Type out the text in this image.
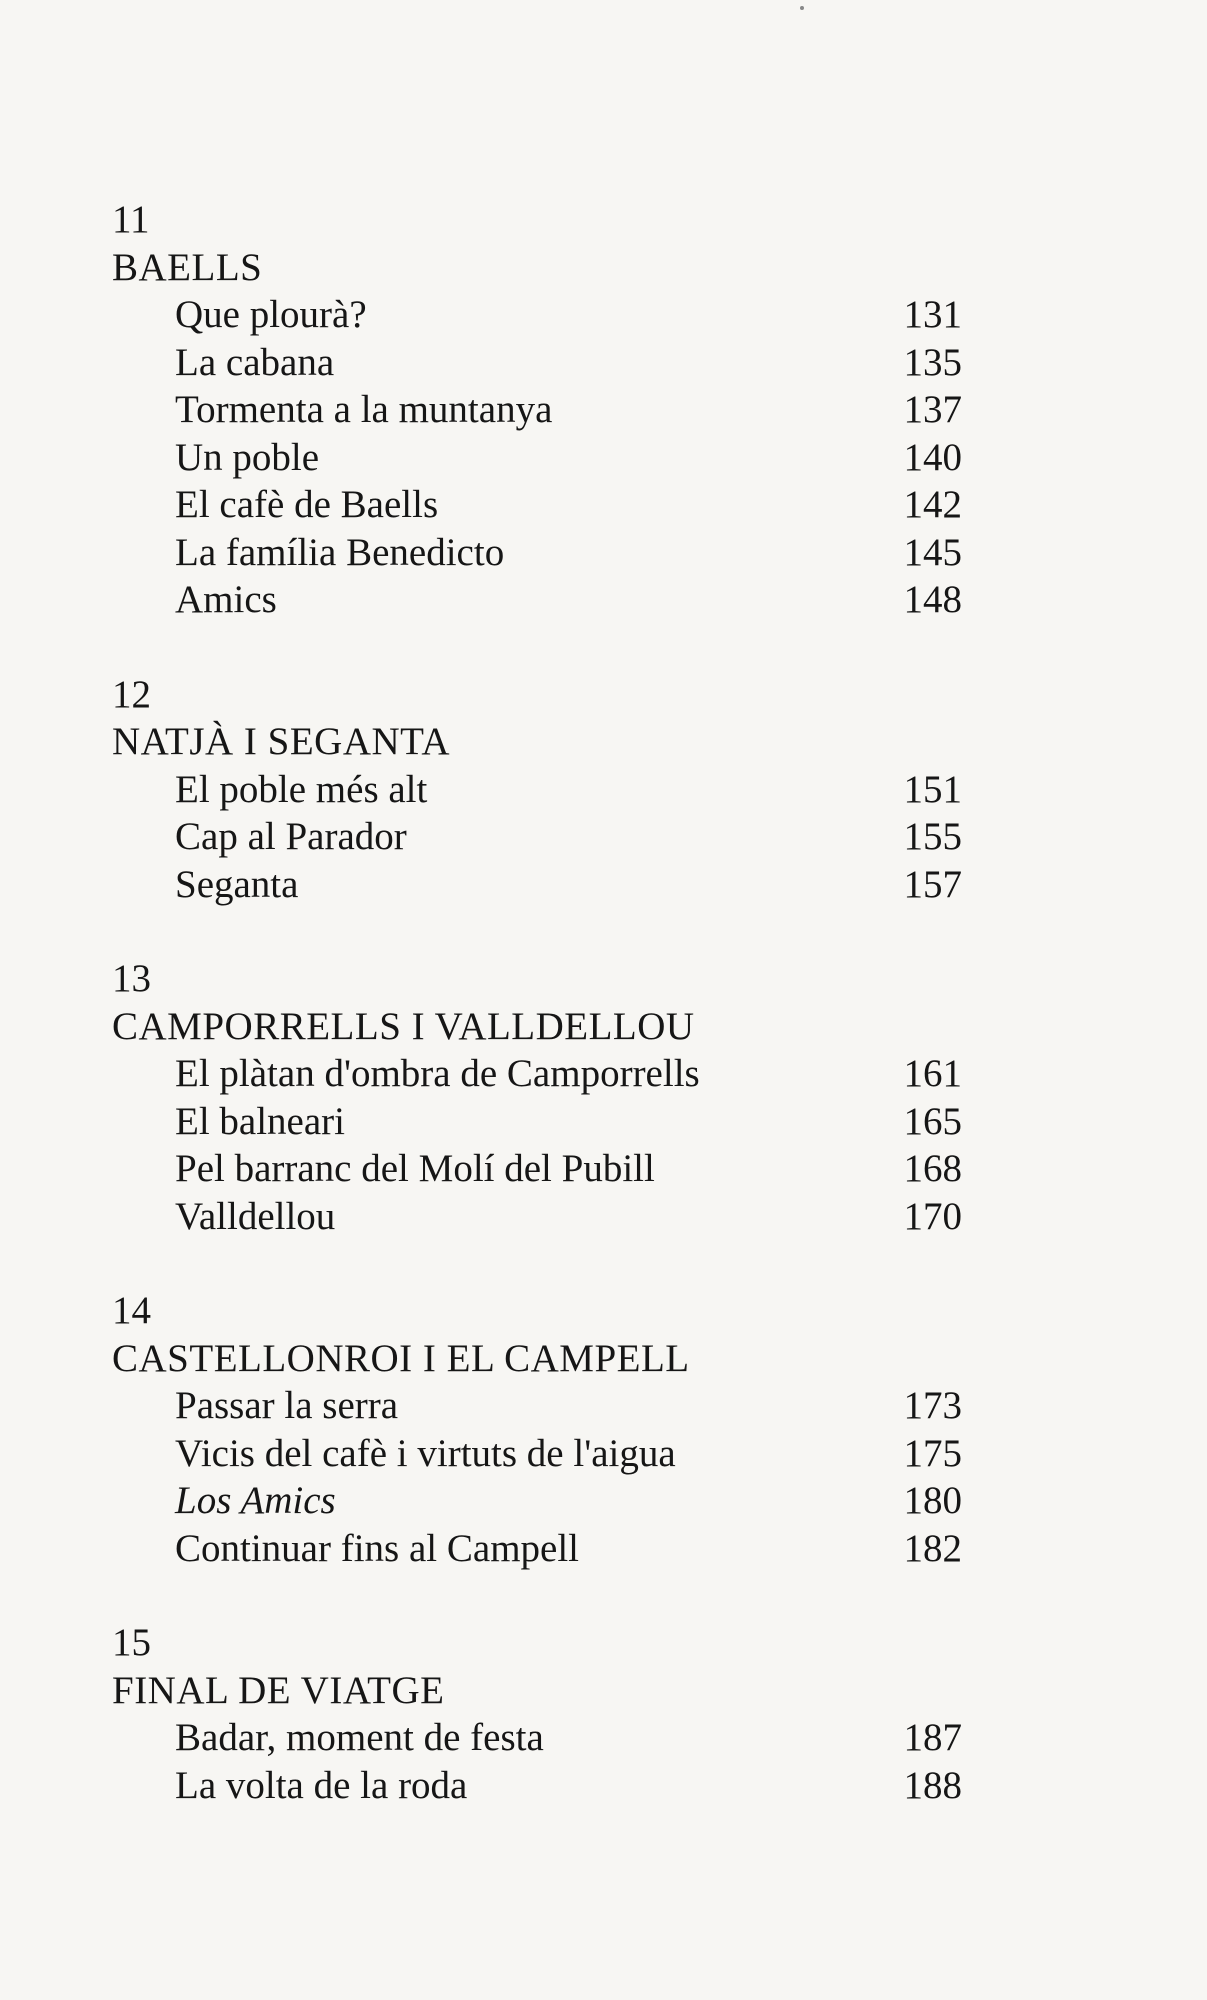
11
BAELLS
Que plourà?	131
La cabana	135
Tormenta a la muntanya	137
Un poble	140
El cafè de Baells	142
La família Benedicto	145
Amics	148
12
NATJÀ I SEGANTA
El poble més alt	151
Cap al Parador	155
Seganta	157
13
CAMPORRELLS I VALLDELLOU
El plàtan d'ombra de Camporrells	161
El balneari	165
Pel barranc del Molí del Pubill	168
Valldellou	170
14
CASTELLONROI I EL CAMPELL
Passar la serra	173
Vicis del cafè i virtuts de l'aigua	175
Los Amics	180
Continuar fins al Campell	182
15
FINAL DE VIATGE
Badar, moment de festa	187
La volta de la roda	188
